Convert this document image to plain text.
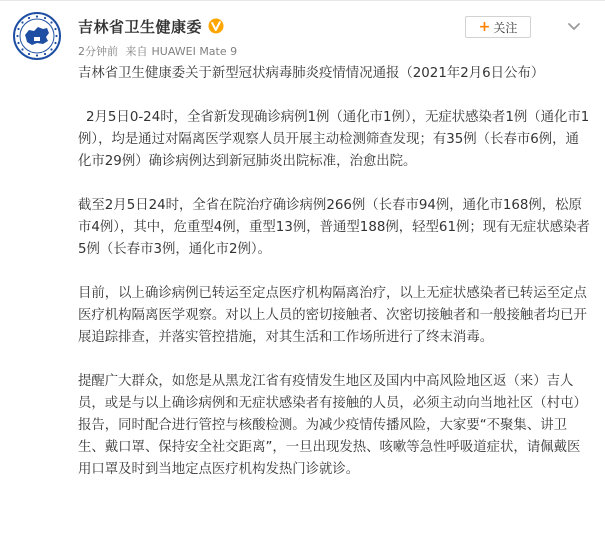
吉林省卫生健康委
2分钟前 来自 HUAWEI Mate 9
+ 关注

吉林省卫生健康委关于新型冠状病毒肺炎疫情情况通报（2021年2月6日公布）

2月5日0-24时，全省新发现确诊病例1例（通化市1例），无症状感染者1例（通化市1例），均是通过对隔离医学观察人员开展主动检测筛查发现；有35例（长春市6例，通化市29例）确诊病例达到新冠肺炎出院标准，治愈出院。

截至2月5日24时，全省在院治疗确诊病例266例（长春市94例，通化市168例，松原市4例），其中，危重型4例，重型13例，普通型188例，轻型61例；现有无症状感染者5例（长春市3例，通化市2例）。

目前，以上确诊病例已转运至定点医疗机构隔离治疗，以上无症状感染者已转运至定点医疗机构隔离医学观察。对以上人员的密切接触者、次密切接触者和一般接触者均已开展追踪排查，并落实管控措施，对其生活和工作场所进行了终末消毒。

提醒广大群众，如您是从黑龙江省有疫情发生地区及国内中高风险地区返（来）吉人员，或是与以上确诊病例和无症状感染者有接触的人员，必须主动向当地社区（村屯）报告，同时配合进行管控与核酸检测。为减少疫情传播风险，大家要“不聚集、讲卫生、戴口罩、保持安全社交距离”，一旦出现发热、咳嗽等急性呼吸道症状，请佩戴医用口罩及时到当地定点医疗机构发热门诊就诊。
